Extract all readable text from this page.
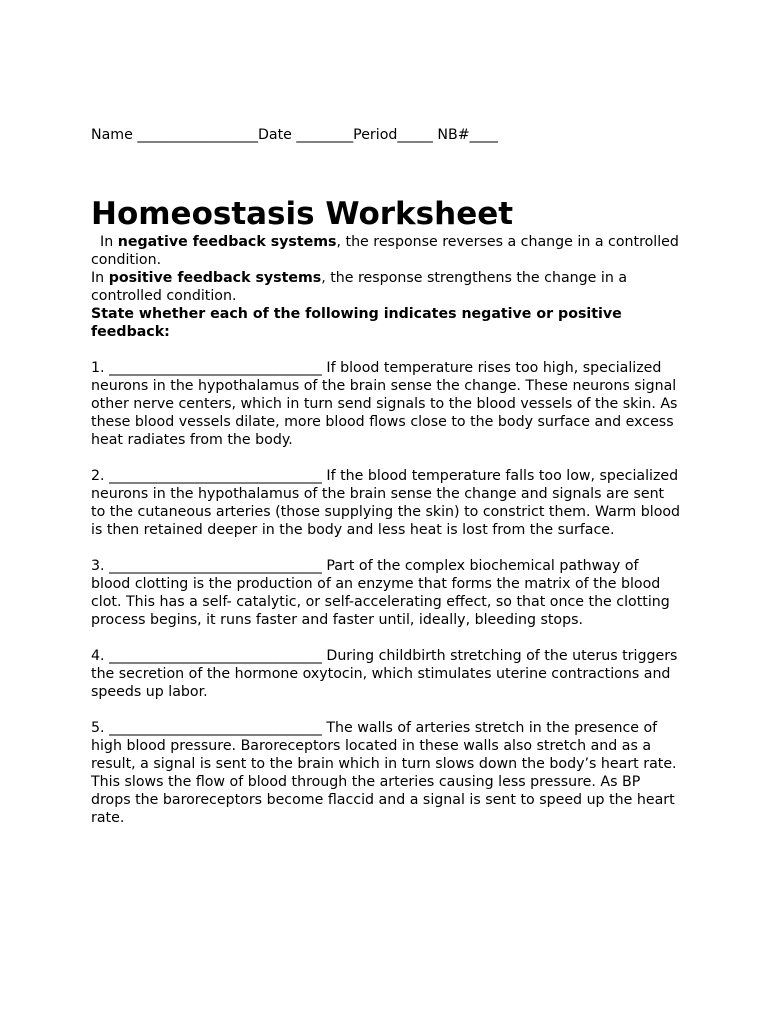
Name _________________Date ________Period_____ NB#____

Homeostasis Worksheet

In negative feedback systems, the response reverses a change in a controlled condition.

In positive feedback systems, the response strengthens the change in a controlled condition.

State whether each of the following indicates negative or positive feedback:

1. ______________________________ If blood temperature rises too high, specialized neurons in the hypothalamus of the brain sense the change. These neurons signal other nerve centers, which in turn send signals to the blood vessels of the skin. As these blood vessels dilate, more blood flows close to the body surface and excess heat radiates from the body.

2. ______________________________ If the blood temperature falls too low, specialized neurons in the hypothalamus of the brain sense the change and signals are sent to the cutaneous arteries (those supplying the skin) to constrict them. Warm blood is then retained deeper in the body and less heat is lost from the surface.

3. ______________________________ Part of the complex biochemical pathway of blood clotting is the production of an enzyme that forms the matrix of the blood clot. This has a self- catalytic, or self-accelerating effect, so that once the clotting process begins, it runs faster and faster until, ideally, bleeding stops.

4. ______________________________ During childbirth stretching of the uterus triggers the secretion of the hormone oxytocin, which stimulates uterine contractions and speeds up labor.

5. ______________________________ The walls of arteries stretch in the presence of high blood pressure. Baroreceptors located in these walls also stretch and as a result, a signal is sent to the brain which in turn slows down the body’s heart rate. This slows the flow of blood through the arteries causing less pressure. As BP drops the baroreceptors become flaccid and a signal is sent to speed up the heart rate.
